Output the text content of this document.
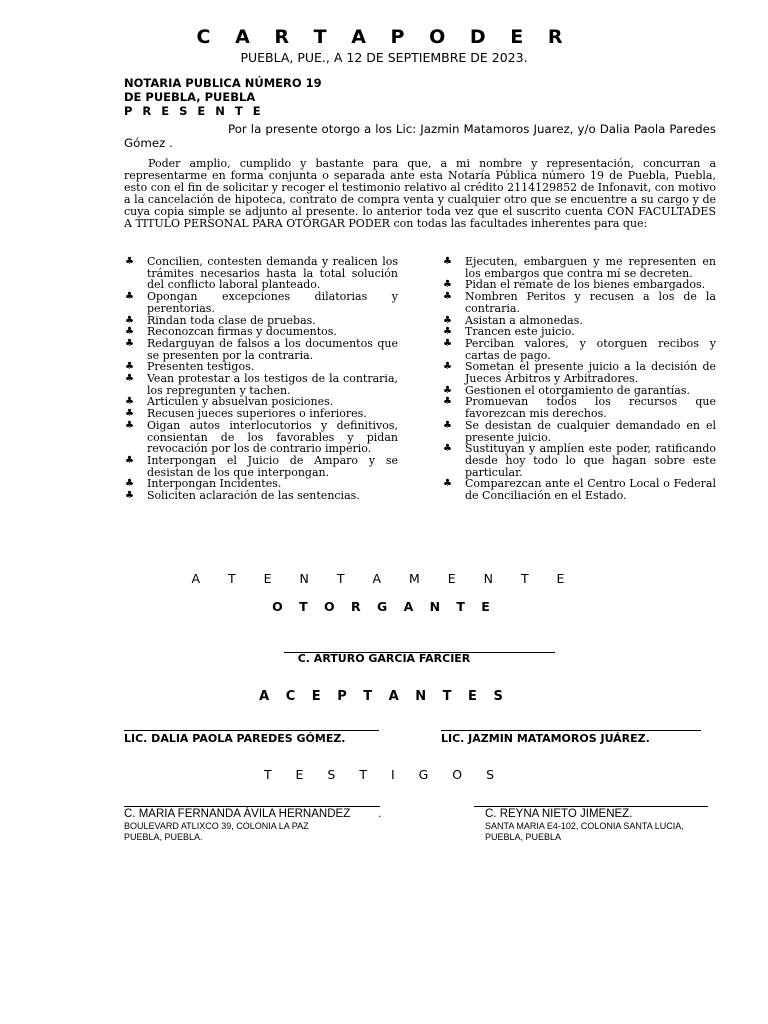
C A R T A P O D E R
PUEBLA, PUE., A 12 DE SEPTIEMBRE DE 2023.
NOTARIA PUBLICA NÚMERO 19
DE PUEBLA, PUEBLA
P R E S E N T E
Por la presente otorgo a los Lic: Jazmin Matamoros Juarez, y/o Dalia Paola Paredes Gómez .
Poder amplio, cumplido y bastante para que, a mi nombre y representación, concurran a representarme en forma conjunta o separada ante esta Notaría Pública número 19 de Puebla, Puebla, esto con el fin de solicitar y recoger el testimonio relativo al crédito 2114129852 de Infonavit, con motivo a la cancelación de hipoteca, contrato de compra venta y cualquier otro que se encuentre a su cargo y de cuya copia simple se adjunto al presente. lo anterior toda vez que el suscrito cuenta CON FACULTADES A TITULO PERSONAL PARA OTORGAR PODER con todas las facultades inherentes para que:
♣ Concilien, contesten demanda y realicen los trámites necesarios hasta la total solución del conflicto laboral planteado.
♣ Opongan excepciones dilatorias y perentorias.
♣ Rindan toda clase de pruebas.
♣ Reconozcan firmas y documentos.
♣ Redarguyan de falsos a los documentos que se presenten por la contraria.
♣ Presenten testigos.
♣ Vean protestar a los testigos de la contraria, los repregunten y tachen.
♣ Articulen y absuelvan posiciones.
♣ Recusen jueces superiores o inferiores.
♣ Oigan autos interlocutorios y definitivos, consientan de los favorables y pidan revocación por los de contrario imperio.
♣ Interpongan el Juicio de Amparo y se desistan de los que interpongan.
♣ Interpongan Incidentes.
♣ Soliciten aclaración de las sentencias.
♣ Ejecuten, embarguen y me representen en los embargos que contra mí se decreten.
♣ Pidan el remate de los bienes embargados.
♣ Nombren Peritos y recusen a los de la contraria.
♣ Asistan a almonedas.
♣ Trancen este juicio.
♣ Perciban valores, y otorguen recibos y cartas de pago.
♣ Sometan el presente juicio a la decisión de Jueces Árbitros y Arbitradores.
♣ Gestionen el otorgamiento de garantías.
♣ Promuevan todos los recursos que favorezcan mis derechos.
♣ Se desistan de cualquier demandado en el presente juicio.
♣ Sustituyan y amplíen este poder, ratificando desde hoy todo lo que hagan sobre este particular.
♣ Comparezcan ante el Centro Local o Federal de Conciliación en el Estado.
A T E N T A M E N T E
O T O R G A N T E
C. ARTURO GARCIA FARCIER
A C E P T A N T E S
LIC. DALIA PAOLA PAREDES GÓMEZ.	LIC. JAZMIN MATAMOROS JUÁREZ.
T E S T I G O S
C. MARIA FERNANDA ÁVILA HERNANDEZ .
BOULEVARD ATLIXCO 39, COLONIA LA PAZ
PUEBLA, PUEBLA.
C. REYNA NIETO JIMENEZ.
SANTA MARIA E4-102, COLONIA SANTA LUCIA,
PUEBLA, PUEBLA
